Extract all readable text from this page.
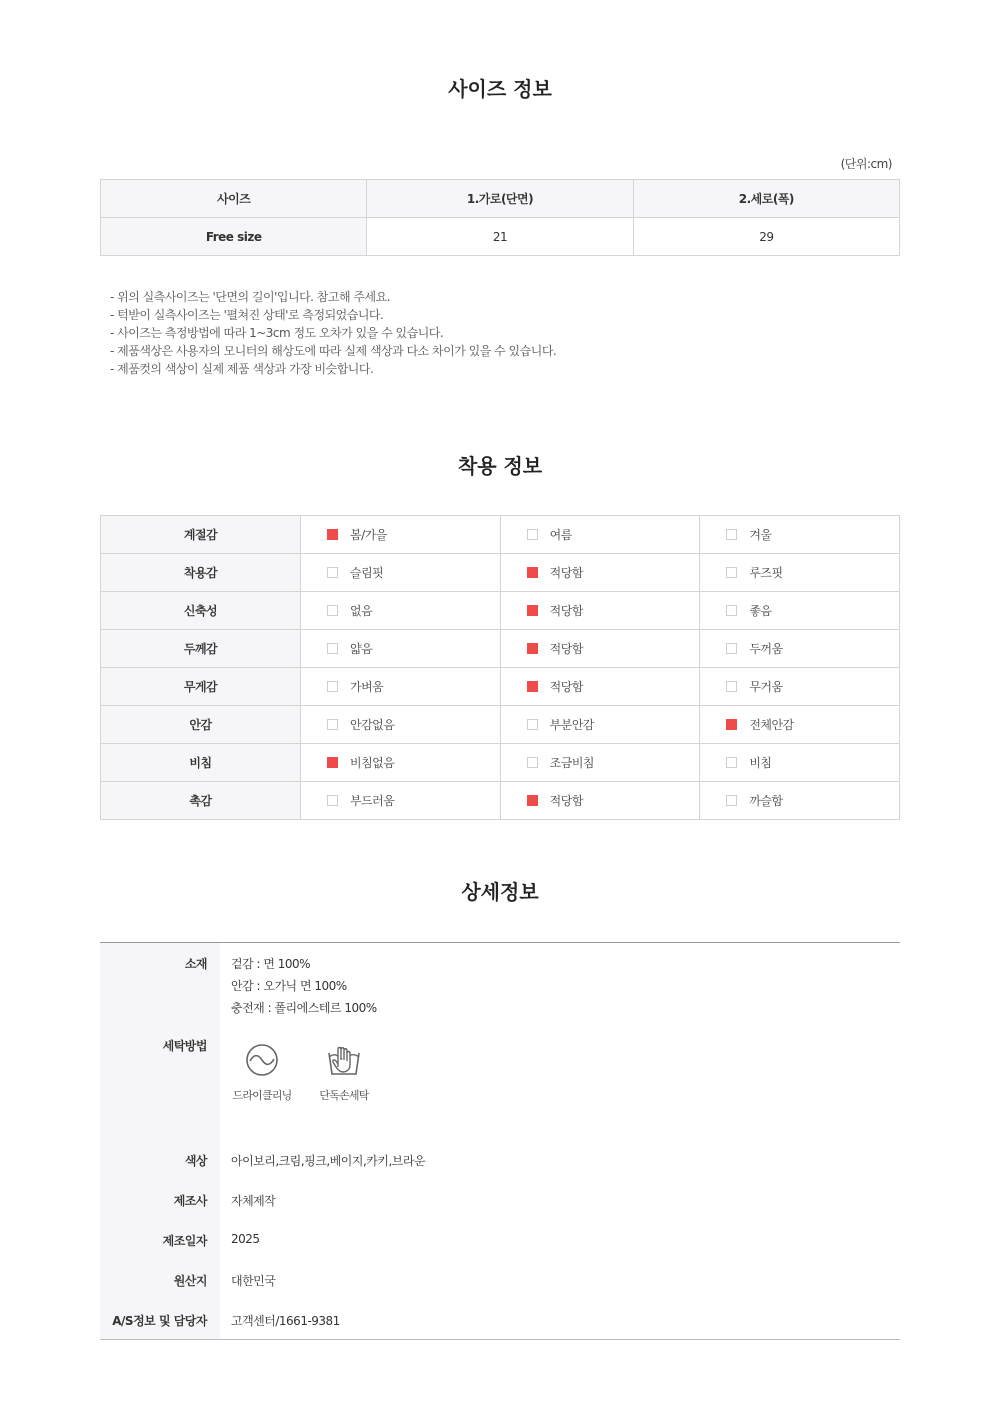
사이즈 정보
(단위:cm)
사이즈	1.가로(단면)	2.세로(폭)
Free size	21	29
- 위의 실측사이즈는 '단면의 길이'입니다. 참고해 주세요.
- 턱받이 실측사이즈는 '펼쳐진 상태'로 측정되었습니다.
- 사이즈는 측정방법에 따라 1~3cm 정도 오차가 있을 수 있습니다.
- 제품색상은 사용자의 모니터의 해상도에 따라 실제 색상과 다소 차이가 있을 수 있습니다.
- 제품컷의 색상이 실제 제품 색상과 가장 비슷합니다.
착용 정보
계절감	봄/가을	여름	겨울
착용감	슬림핏	적당함	루즈핏
신축성	없음	적당함	좋음
두께감	얇음	적당함	두꺼움
무게감	가벼움	적당함	무거움
안감	안감없음	부분안감	전체안감
비침	비침없음	조금비침	비침
촉감	부드러움	적당함	까슬함
상세정보
소재 겉감 : 면 100%
안감 : 오가닉 면 100%
충전재 : 폴리에스테르 100%
세탁방법
드라이클리닝	단독손세탁
색상 아이보리,크림,핑크,베이지,카키,브라운
제조사 자체제작
제조일자 2025
원산지 대한민국
A/S정보 및 담당자 고객센터/1661-9381
